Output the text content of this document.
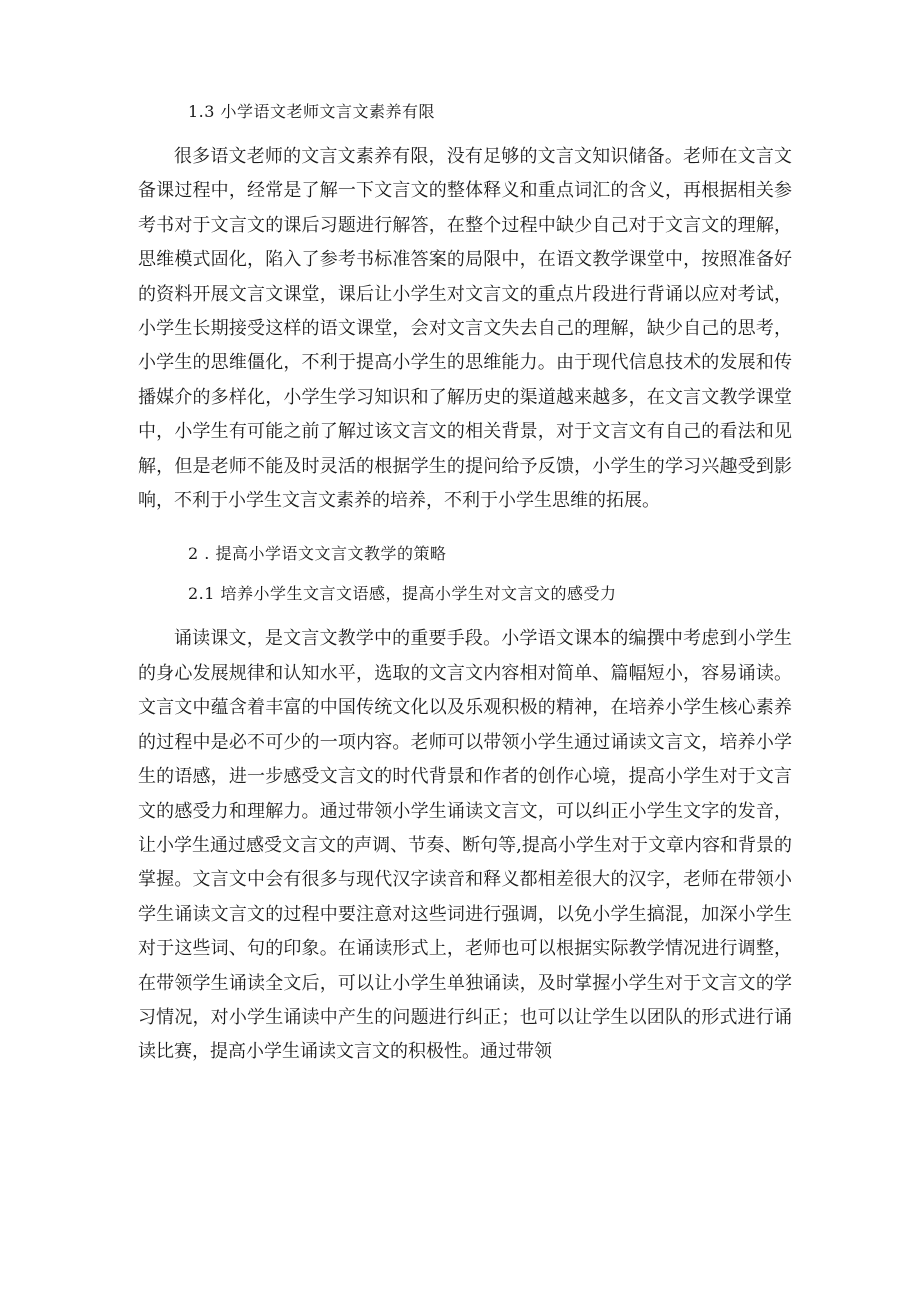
1.3 小学语文老师文言文素养有限

很多语文老师的文言文素养有限，没有足够的文言文知识储备。老师在文言文备课过程中，经常是了解一下文言文的整体释义和重点词汇的含义，再根据相关参考书对于文言文的课后习题进行解答，在整个过程中缺少自己对于文言文的理解，思维模式固化，陷入了参考书标准答案的局限中，在语文教学课堂中，按照准备好的资料开展文言文课堂，课后让小学生对文言文的重点片段进行背诵以应对考试，小学生长期接受这样的语文课堂，会对文言文失去自己的理解，缺少自己的思考，小学生的思维僵化，不利于提高小学生的思维能力。由于现代信息技术的发展和传播媒介的多样化，小学生学习知识和了解历史的渠道越来越多，在文言文教学课堂中，小学生有可能之前了解过该文言文的相关背景，对于文言文有自己的看法和见解，但是老师不能及时灵活的根据学生的提问给予反馈，小学生的学习兴趣受到影响，不利于小学生文言文素养的培养，不利于小学生思维的拓展。

2 . 提高小学语文文言文教学的策略
2.1 培养小学生文言文语感，提高小学生对文言文的感受力

诵读课文，是文言文教学中的重要手段。小学语文课本的编撰中考虑到小学生的身心发展规律和认知水平，选取的文言文内容相对简单、篇幅短小，容易诵读。文言文中蕴含着丰富的中国传统文化以及乐观积极的精神，在培养小学生核心素养的过程中是必不可少的一项内容。老师可以带领小学生通过诵读文言文，培养小学生的语感，进一步感受文言文的时代背景和作者的创作心境，提高小学生对于文言文的感受力和理解力。通过带领小学生诵读文言文，可以纠正小学生文字的发音，让小学生通过感受文言文的声调、节奏、断句等,提高小学生对于文章内容和背景的掌握。文言文中会有很多与现代汉字读音和释义都相差很大的汉字，老师在带领小学生诵读文言文的过程中要注意对这些词进行强调，以免小学生搞混，加深小学生对于这些词、句的印象。在诵读形式上，老师也可以根据实际教学情况进行调整，在带领学生诵读全文后，可以让小学生单独诵读，及时掌握小学生对于文言文的学习情况，对小学生诵读中产生的问题进行纠正；也可以让学生以团队的形式进行诵读比赛，提高小学生诵读文言文的积极性。通过带领
